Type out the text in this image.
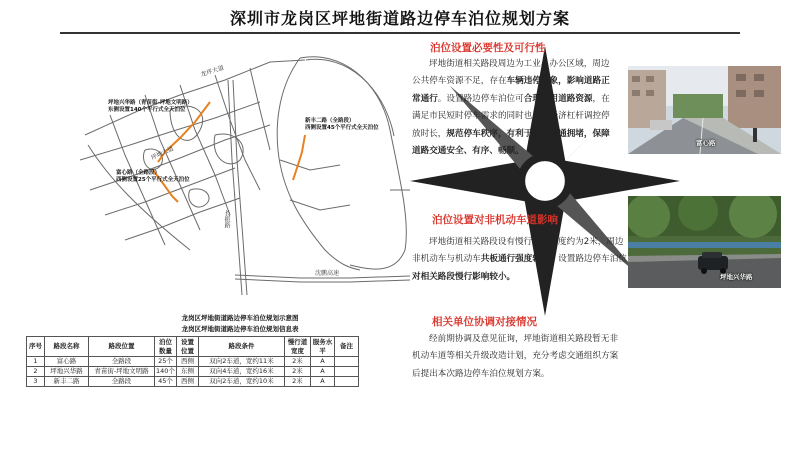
深圳市龙岗区坪地街道路边停车泊位规划方案
坪地兴华路（青苗街-坪地文明路）
东侧设置140个平行式全天泊位
富心路（全路段）
西侧设置25个平行式全天泊位
新丰二路（全路段）
西侧设置45个平行式全天泊位
龙坪大道
坪地大道
长振路
沈鹏高速
龙岗区坪地街道路边停车泊位规划示意图
龙岗区坪地街道路边停车泊位规划信息表
序号	路段名称	路段位置	泊位数量	设置位置	路段条件	慢行道宽度	服务水平	备注
1	富心路	全路段	25个	西侧	双向2车道，宽约11米	2米	A	
2	坪地兴华路	青苗街-坪地文明路	140个	东侧	双向4车道，宽约16米	2米	A	
3	新丰二路	全路段	45个	西侧	双向2车道，宽约10米	2米	A	
泊位设置必要性及可行性
坪地街道相关路段周边为工业、办公区域，周边公共停车资源不足，存在车辆违停现象，影响道路正常通行。设置路边停车泊位可合理利用道路资源，在满足市民短时停车需求的同时也利用经济杠杆调控停放时长，规范停车秩序，有利于缓解交通拥堵，保障道路交通安全、有序、畅顺。
富心路
泊位设置对非机动车道影响
坪地街道相关路段设有慢行道，宽度约为2米，周边非机动车与机动车共板通行强度较弱，设置路边停车泊位对相关路段慢行影响较小。	坪地兴华路
相关单位协调对接情况
经前期协调及意见征询，坪地街道相关路段暂无非机动车道等相关升级改造计划，充分考虑交通组织方案后提出本次路边停车泊位规划方案。
